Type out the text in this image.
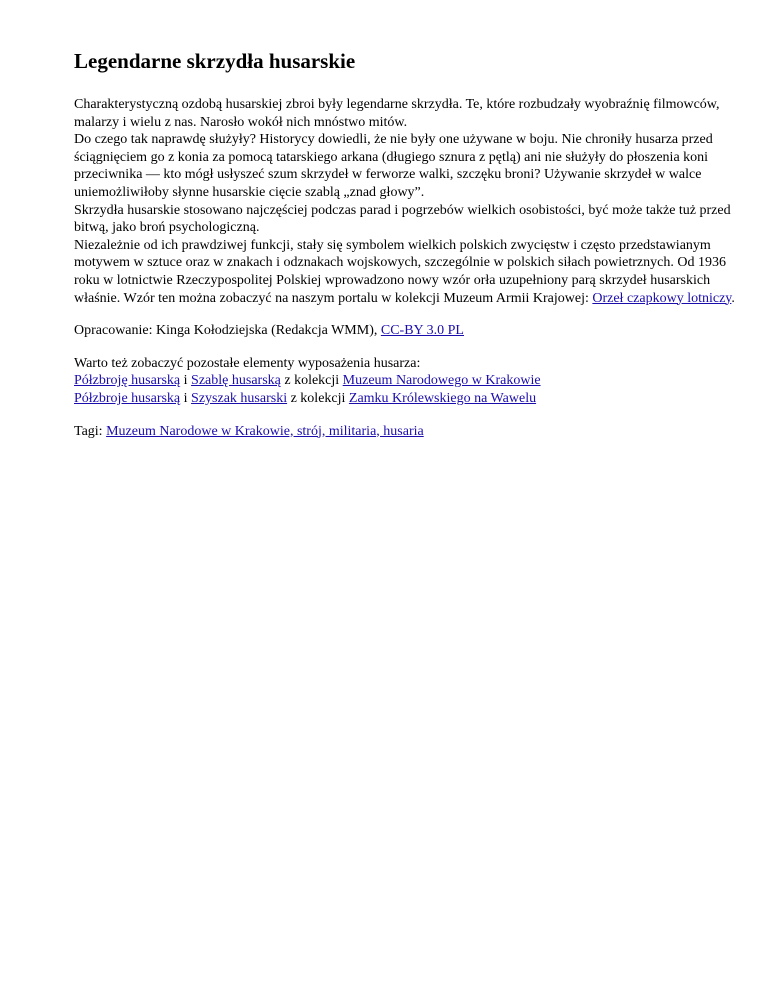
Legendarne skrzydła husarskie

Charakterystyczną ozdobą husarskiej zbroi były legendarne skrzydła. Te, które rozbudzały wyobraźnię filmowców, malarzy i wielu z nas. Narosło wokół nich mnóstwo mitów.

Do czego tak naprawdę służyły? Historycy dowiedli, że nie były one używane w boju. Nie chroniły husarza przed ściągnięciem go z konia za pomocą tatarskiego arkana (długiego sznura z pętlą) ani nie służyły do płoszenia koni przeciwnika — kto mógł usłyszeć szum skrzydeł w ferworze walki, szczęku broni? Używanie skrzydeł w walce uniemożliwiłoby słynne husarskie cięcie szablą „znad głowy”.

Skrzydła husarskie stosowano najczęściej podczas parad i pogrzebów wielkich osobistości, być może także tuż przed bitwą, jako broń psychologiczną.

Niezależnie od ich prawdziwej funkcji, stały się symbolem wielkich polskich zwycięstw i często przedstawianym motywem w sztuce oraz w znakach i odznakach wojskowych, szczególnie w polskich siłach powietrznych. Od 1936 roku w lotnictwie Rzeczypospolitej Polskiej wprowadzono nowy wzór orła uzupełniony parą skrzydeł husarskich właśnie. Wzór ten można zobaczyć na naszym portalu w kolekcji Muzeum Armii Krajowej: Orzeł czapkowy lotniczy.

Opracowanie: Kinga Kołodziejska (Redakcja WMM), CC-BY 3.0 PL

Warto też zobaczyć pozostałe elementy wyposażenia husarza:

Półzbroję husarską i Szablę husarską z kolekcji Muzeum Narodowego w Krakowie

Półzbroje husarską i Szyszak husarski z kolekcji Zamku Królewskiego na Wawelu

Tagi: Muzeum Narodowe w Krakowie, strój, militaria, husaria
